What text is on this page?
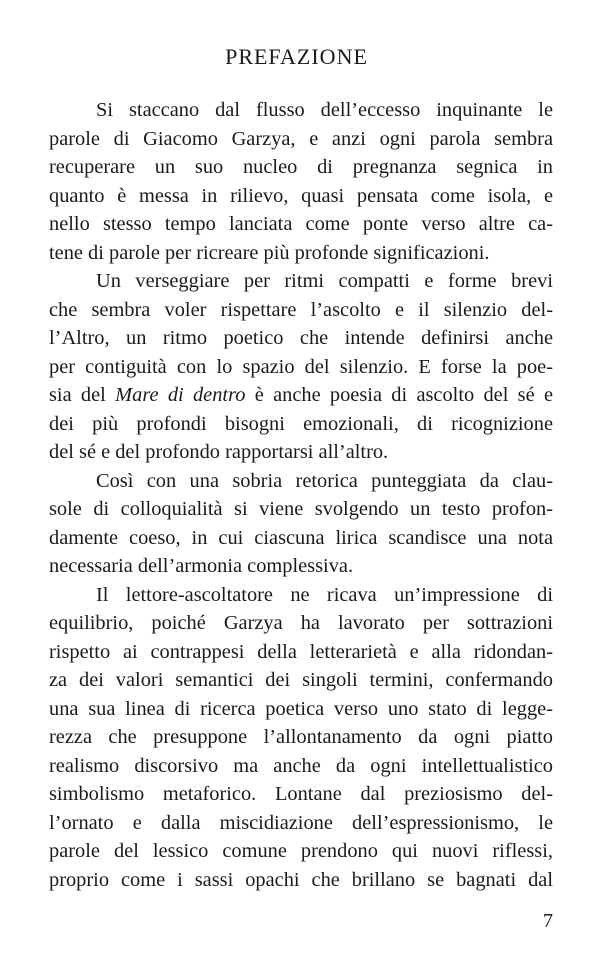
PREFAZIONE

Si staccano dal flusso dell’eccesso inquinante le
parole di Giacomo Garzya, e anzi ogni parola sembra
recuperare un suo nucleo di pregnanza segnica in
quanto è messa in rilievo, quasi pensata come isola, e
nello stesso tempo lanciata come ponte verso altre ca-
tene di parole per ricreare più profonde significazioni.

Un verseggiare per ritmi compatti e forme brevi
che sembra voler rispettare l’ascolto e il silenzio del-
l’Altro, un ritmo poetico che intende definirsi anche
per contiguità con lo spazio del silenzio. E forse la poe-
sia del Mare di dentro è anche poesia di ascolto del sé e
dei più profondi bisogni emozionali, di ricognizione
del sé e del profondo rapportarsi all’altro.

Così con una sobria retorica punteggiata da clau-
sole di colloquialità si viene svolgendo un testo profon-
damente coeso, in cui ciascuna lirica scandisce una nota
necessaria dell’armonia complessiva.

Il lettore-ascoltatore ne ricava un’impressione di
equilibrio, poiché Garzya ha lavorato per sottrazioni
rispetto ai contrappesi della letterarietà e alla ridondan-
za dei valori semantici dei singoli termini, confermando
una sua linea di ricerca poetica verso uno stato di legge-
rezza che presuppone l’allontanamento da ogni piatto
realismo discorsivo ma anche da ogni intellettualistico
simbolismo metaforico. Lontane dal preziosismo del-
l’ornato e dalla miscidiazione dell’espressionismo, le
parole del lessico comune prendono qui nuovi riflessi,
proprio come i sassi opachi che brillano se bagnati dal

7
